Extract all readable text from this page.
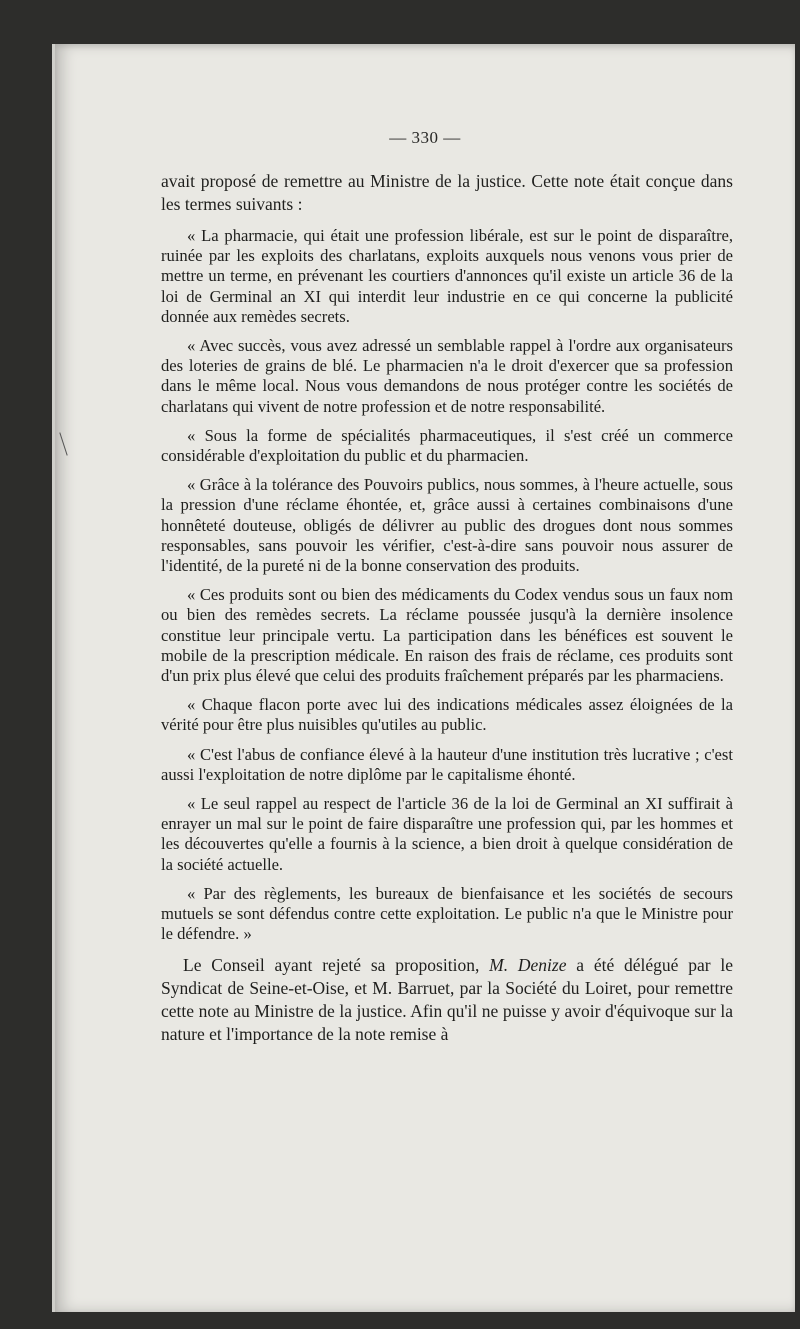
— 330 —

avait proposé de remettre au Ministre de la justice. Cette note était conçue dans les termes suivants :

« La pharmacie, qui était une profession libérale, est sur le point de disparaître, ruinée par les exploits des charlatans, exploits auxquels nous venons vous prier de mettre un terme, en prévenant les courtiers d'annonces qu'il existe un article 36 de la loi de Germinal an XI qui interdit leur industrie en ce qui concerne la publicité donnée aux remèdes secrets.

« Avec succès, vous avez adressé un semblable rappel à l'ordre aux organisateurs des loteries de grains de blé. Le pharmacien n'a le droit d'exercer que sa profession dans le même local. Nous vous demandons de nous protéger contre les sociétés de charlatans qui vivent de notre profession et de notre responsabilité.

« Sous la forme de spécialités pharmaceutiques, il s'est créé un commerce considérable d'exploitation du public et du pharmacien.

« Grâce à la tolérance des Pouvoirs publics, nous sommes, à l'heure actuelle, sous la pression d'une réclame éhontée, et, grâce aussi à certaines combinaisons d'une honnêteté douteuse, obligés de délivrer au public des drogues dont nous sommes responsables, sans pouvoir les vérifier, c'est-à-dire sans pouvoir nous assurer de l'identité, de la pureté ni de la bonne conservation des produits.

« Ces produits sont ou bien des médicaments du Codex vendus sous un faux nom ou bien des remèdes secrets. La réclame poussée jusqu'à la dernière insolence constitue leur principale vertu. La participation dans les bénéfices est souvent le mobile de la prescription médicale. En raison des frais de réclame, ces produits sont d'un prix plus élevé que celui des produits fraîchement préparés par les pharmaciens.

« Chaque flacon porte avec lui des indications médicales assez éloignées de la vérité pour être plus nuisibles qu'utiles au public.

« C'est l'abus de confiance élevé à la hauteur d'une institution très lucrative ; c'est aussi l'exploitation de notre diplôme par le capitalisme éhonté.

« Le seul rappel au respect de l'article 36 de la loi de Germinal an XI suffirait à enrayer un mal sur le point de faire disparaître une profession qui, par les hommes et les découvertes qu'elle a fournis à la science, a bien droit à quelque considération de la société actuelle.

« Par des règlements, les bureaux de bienfaisance et les sociétés de secours mutuels se sont défendus contre cette exploitation. Le public n'a que le Ministre pour le défendre. »

Le Conseil ayant rejeté sa proposition, M. Denize a été délégué par le Syndicat de Seine-et-Oise, et M. Barruet, par la Société du Loiret, pour remettre cette note au Ministre de la justice. Afin qu'il ne puisse y avoir d'équivoque sur la nature et l'importance de la note remise à
